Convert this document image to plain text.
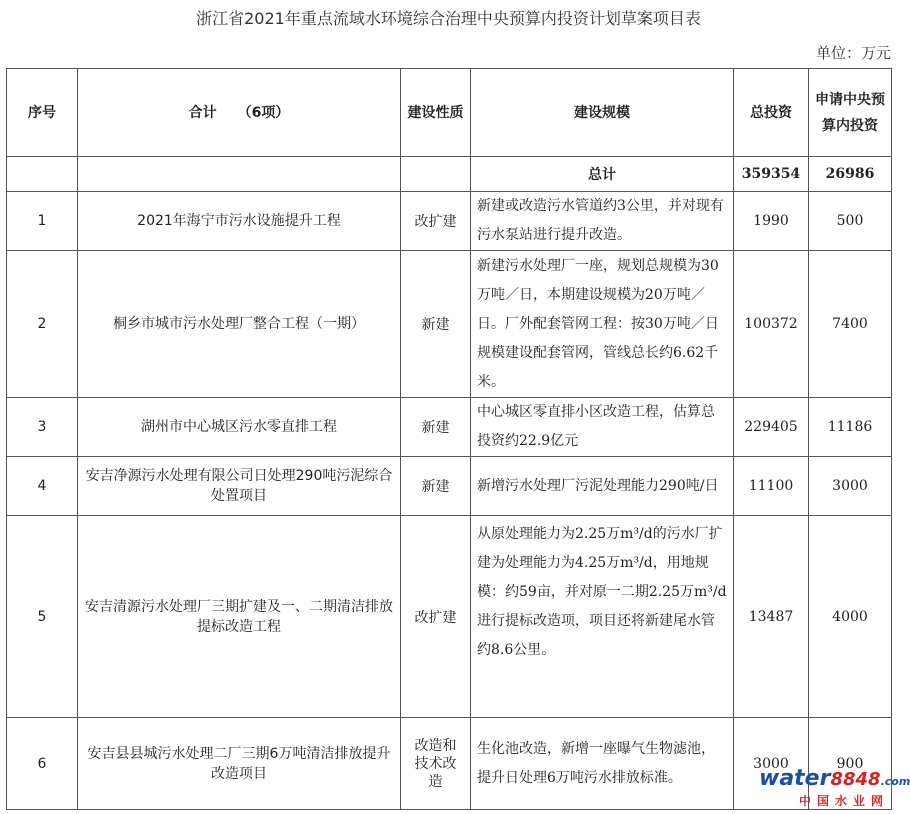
浙江省2021年重点流域水环境综合治理中央预算内投资计划草案项目表
单位：万元
序号	合计　　（6项）	建设性质	建设规模	总投资	申请中央预算内投资
			总计	359354	26986
1	2021年海宁市污水设施提升工程	改扩建	新建或改造污水管道约3公里，并对现有污水泵站进行提升改造。	1990	500
2	桐乡市城市污水处理厂整合工程（一期）	新建	新建污水处理厂一座，规划总规模为30万吨／日，本期建设规模为20万吨／日。厂外配套管网工程：按30万吨／日规模建设配套管网，管线总长约6.62千米。	100372	7400
3	湖州市中心城区污水零直排工程	新建	中心城区零直排小区改造工程，估算总投资约22.9亿元	229405	11186
4	安吉净源污水处理有限公司日处理290吨污泥综合处置项目	新建	新增污水处理厂污泥处理能力290吨/日	11100	3000
5	安吉清源污水处理厂三期扩建及一、二期清洁排放提标改造工程	改扩建	从原处理能力为2.25万m³/d的污水厂扩建为处理能力为4.25万m³/d，用地规模：约59亩，并对原一二期2.25万m³/d进行提标改造项，项目还将新建尾水管约8.6公里。	13487	4000
6	安吉县县城污水处理二厂三期6万吨清洁排放提升改造项目	改造和技术改造	生化池改造，新增一座曝气生物滤池，提升日处理6万吨污水排放标准。	3000	900
water8848.com
中国水业网
